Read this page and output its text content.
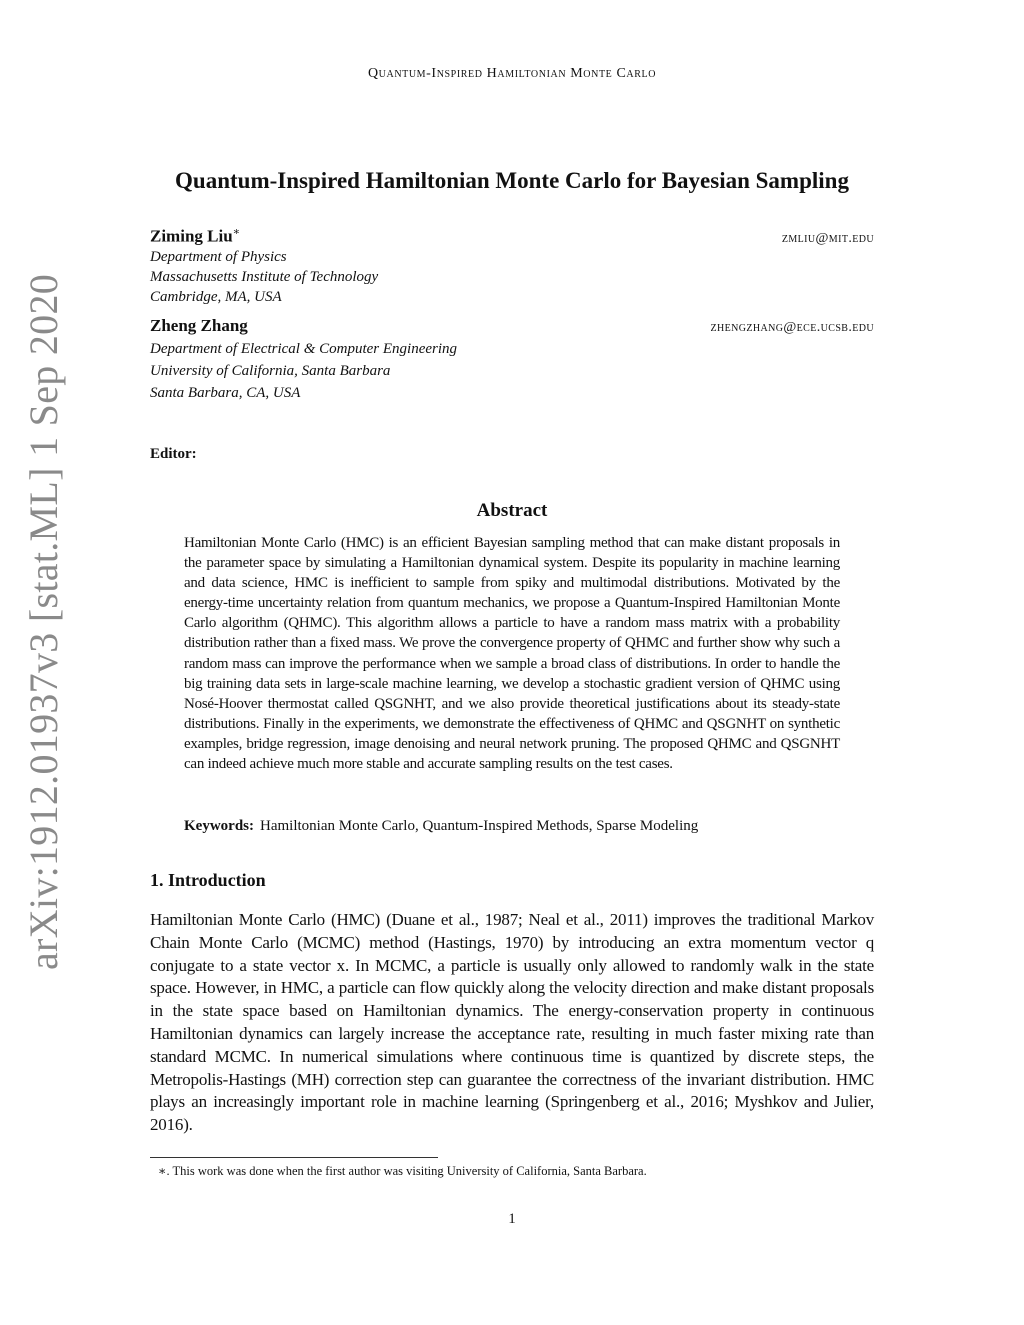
Quantum-Inspired Hamiltonian Monte Carlo
arXiv:1912.01937v3 [stat.ML] 1 Sep 2020
Quantum-Inspired Hamiltonian Monte Carlo for Bayesian Sampling
Ziming Liu∗	zmliu@mit.edu
Department of Physics
Massachusetts Institute of Technology
Cambridge, MA, USA
Zheng Zhang	zhengzhang@ece.ucsb.edu
Department of Electrical & Computer Engineering
University of California, Santa Barbara
Santa Barbara, CA, USA
Editor:
Abstract
Hamiltonian Monte Carlo (HMC) is an efficient Bayesian sampling method that can make distant proposals in the parameter space by simulating a Hamiltonian dynamical system. Despite its popularity in machine learning and data science, HMC is inefficient to sample from spiky and multimodal distributions. Motivated by the energy-time uncertainty relation from quantum mechanics, we propose a Quantum-Inspired Hamiltonian Monte Carlo algorithm (QHMC). This algorithm allows a particle to have a random mass matrix with a probability distribution rather than a fixed mass. We prove the convergence property of QHMC and further show why such a random mass can improve the performance when we sample a broad class of distributions. In order to handle the big training data sets in large-scale machine learning, we develop a stochastic gradient version of QHMC using Nosé-Hoover thermostat called QSGNHT, and we also provide theoretical justifications about its steady-state distributions. Finally in the experiments, we demonstrate the effectiveness of QHMC and QSGNHT on synthetic examples, bridge regression, image denoising and neural network pruning. The proposed QHMC and QSGNHT can indeed achieve much more stable and accurate sampling results on the test cases.
Keywords: Hamiltonian Monte Carlo, Quantum-Inspired Methods, Sparse Modeling
1. Introduction
Hamiltonian Monte Carlo (HMC) (Duane et al., 1987; Neal et al., 2011) improves the traditional Markov Chain Monte Carlo (MCMC) method (Hastings, 1970) by introducing an extra momentum vector q conjugate to a state vector x. In MCMC, a particle is usually only allowed to randomly walk in the state space. However, in HMC, a particle can flow quickly along the velocity direction and make distant proposals in the state space based on Hamiltonian dynamics. The energy-conservation property in continuous Hamiltonian dynamics can largely increase the acceptance rate, resulting in much faster mixing rate than standard MCMC. In numerical simulations where continuous time is quantized by discrete steps, the Metropolis-Hastings (MH) correction step can guarantee the correctness of the invariant distribution. HMC plays an increasingly important role in machine learning (Springenberg et al., 2016; Myshkov and Julier, 2016).
∗. This work was done when the first author was visiting University of California, Santa Barbara.
1
